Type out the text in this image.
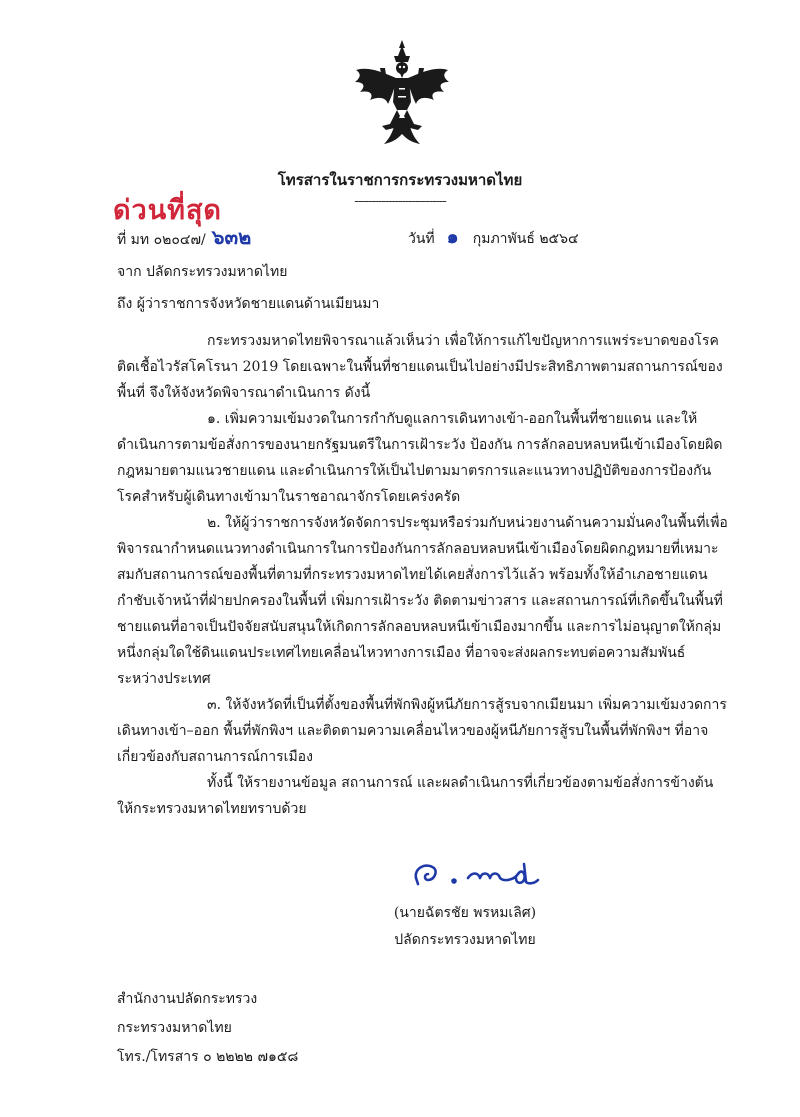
โทรสารในราชการกระทรวงมหาดไทย
---------------------------
ด่วนที่สุด
ที่ มท ๐๒๐๔๗/ ๖๓๒	วันที่ ๑ กุมภาพันธ์ ๒๕๖๔
จาก ปลัดกระทรวงมหาดไทย
ถึง ผู้ว่าราชการจังหวัดชายแดนด้านเมียนมา

กระทรวงมหาดไทยพิจารณาแล้วเห็นว่า เพื่อให้การแก้ไขปัญหาการแพร่ระบาดของโรคติดเชื้อไวรัสโคโรนา 2019 โดยเฉพาะในพื้นที่ชายแดนเป็นไปอย่างมีประสิทธิภาพตามสถานการณ์ของพื้นที่ จึงให้จังหวัดพิจารณาดำเนินการ ดังนี้

๑. เพิ่มความเข้มงวดในการกำกับดูแลการเดินทางเข้า-ออกในพื้นที่ชายแดน และให้ดำเนินการตามข้อสั่งการของนายกรัฐมนตรีในการเฝ้าระวัง ป้องกัน การลักลอบหลบหนีเข้าเมืองโดยผิดกฎหมายตามแนวชายแดน และดำเนินการให้เป็นไปตามมาตรการและแนวทางปฏิบัติของการป้องกันโรคสำหรับผู้เดินทางเข้ามาในราชอาณาจักรโดยเคร่งครัด

๒. ให้ผู้ว่าราชการจังหวัดจัดการประชุมหรือร่วมกับหน่วยงานด้านความมั่นคงในพื้นที่เพื่อพิจารณากำหนดแนวทางดำเนินการในการป้องกันการลักลอบหลบหนีเข้าเมืองโดยผิดกฎหมายที่เหมาะสมกับสถานการณ์ของพื้นที่ตามที่กระทรวงมหาดไทยได้เคยสั่งการไว้แล้ว พร้อมทั้งให้อำเภอชายแดนกำชับเจ้าหน้าที่ฝ่ายปกครองในพื้นที่ เพิ่มการเฝ้าระวัง ติดตามข่าวสาร และสถานการณ์ที่เกิดขึ้นในพื้นที่ชายแดนที่อาจเป็นปัจจัยสนับสนุนให้เกิดการลักลอบหลบหนีเข้าเมืองมากขึ้น และการไม่อนุญาตให้กลุ่มหนึ่งกลุ่มใดใช้ดินแดนประเทศไทยเคลื่อนไหวทางการเมือง ที่อาจจะส่งผลกระทบต่อความสัมพันธ์ระหว่างประเทศ

๓. ให้จังหวัดที่เป็นที่ตั้งของพื้นที่พักพิงผู้หนีภัยการสู้รบจากเมียนมา เพิ่มความเข้มงวดการเดินทางเข้า–ออก พื้นที่พักพิงฯ และติดตามความเคลื่อนไหวของผู้หนีภัยการสู้รบในพื้นที่พักพิงฯ ที่อาจเกี่ยวข้องกับสถานการณ์การเมือง

ทั้งนี้ ให้รายงานข้อมูล สถานการณ์ และผลดำเนินการที่เกี่ยวข้องตามข้อสั่งการข้างต้นให้กระทรวงมหาดไทยทราบด้วย

(นายฉัตรชัย พรหมเลิศ)
ปลัดกระทรวงมหาดไทย
สำนักงานปลัดกระทรวง
กระทรวงมหาดไทย
โทร./โทรสาร ๐ ๒๒๒๒ ๗๑๕๘
